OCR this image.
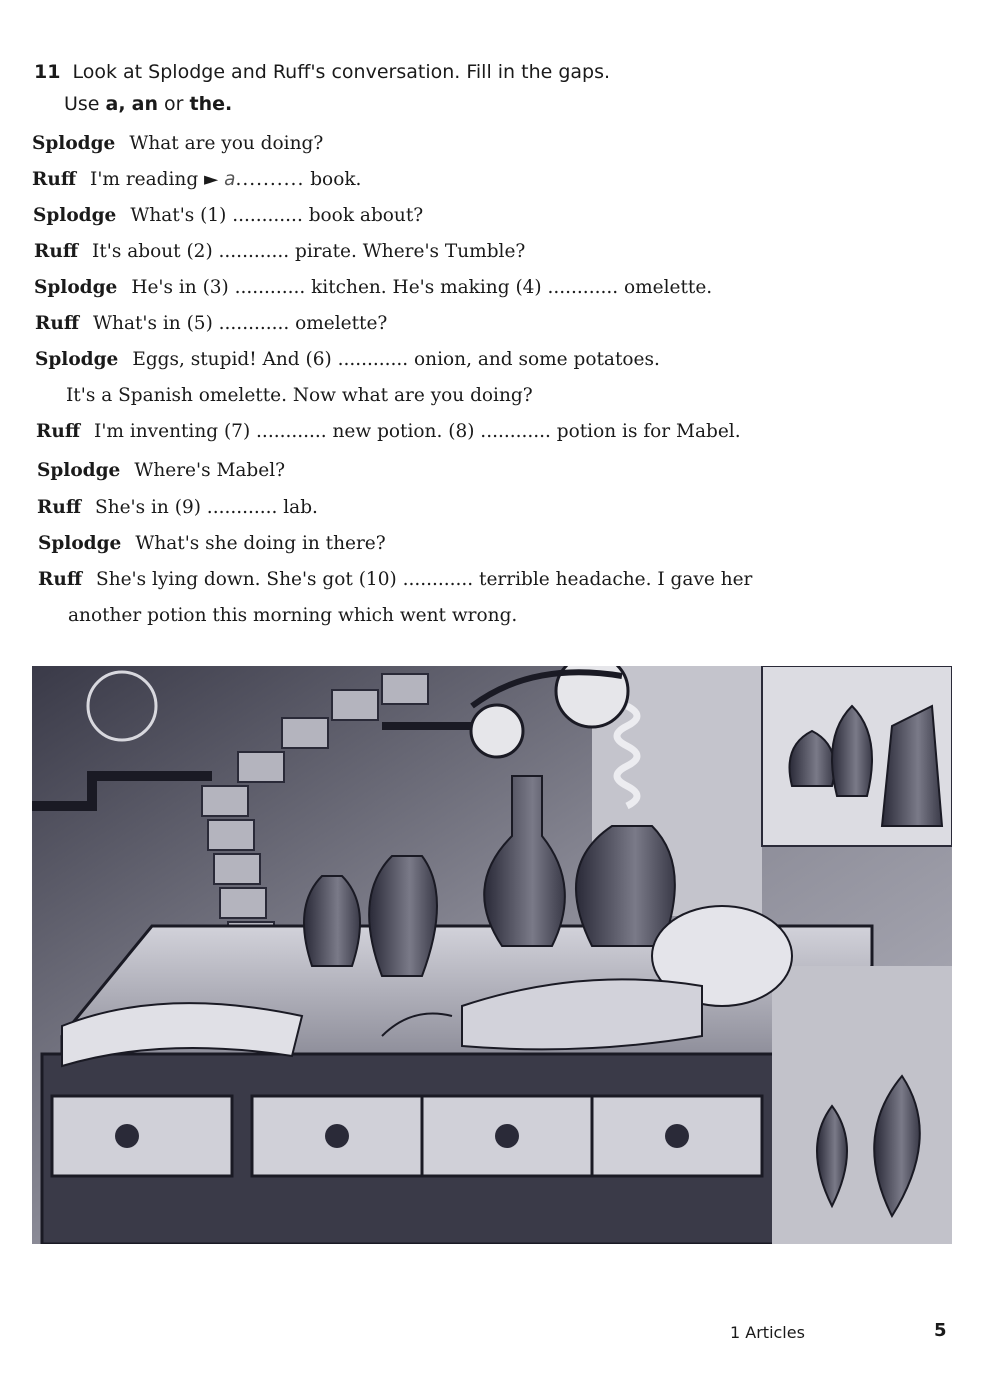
11 Look at Splodge and Ruff's conversation. Fill in the gaps.
Use a, an or the.
Splodge What are you doing?
Ruff I'm reading ► a.......... book.
Splodge What's (1) ............ book about?
Ruff It's about (2) ............ pirate. Where's Tumble?
Splodge He's in (3) ............ kitchen. He's making (4) ............ omelette.
Ruff What's in (5) ............ omelette?
Splodge Eggs, stupid! And (6) ............ onion, and some potatoes.
It's a Spanish omelette. Now what are you doing?
Ruff I'm inventing (7) ............ new potion. (8) ............ potion is for Mabel.
Splodge Where's Mabel?
Ruff She's in (9) ............ lab.
Splodge What's she doing in there?
Ruff She's lying down. She's got (10) ............ terrible headache. I gave her
another potion this morning which went wrong.
1 Articles	5
